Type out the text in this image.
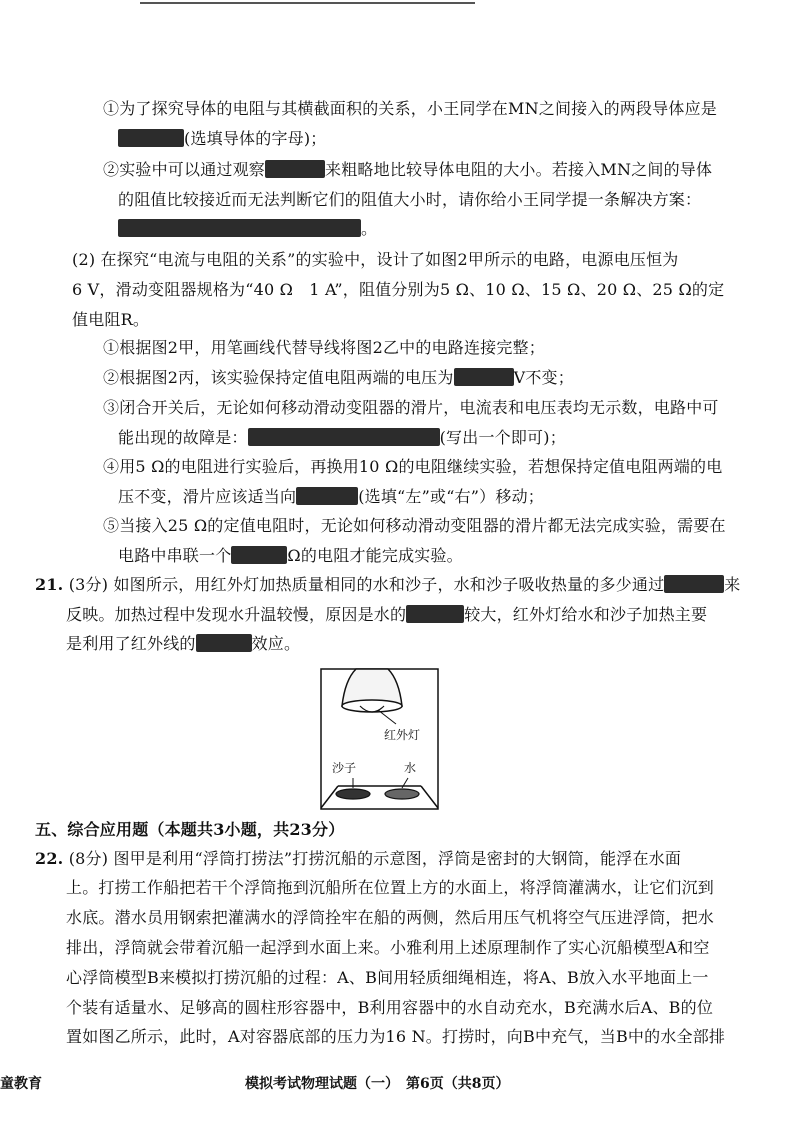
①为了探究导体的电阻与其横截面积的关系，小王同学在MN之间接入的两段导体应是
(选填导体的字母)；
②实验中可以通过观察	来粗略地比较导体电阻的大小。若接入MN之间的导体
的阻值比较接近而无法判断它们的阻值大小时，请你给小王同学提一条解决方案：
。
(2) 在探究“电流与电阻的关系”的实验中，设计了如图2甲所示的电路，电源电压恒为
6 V，滑动变阻器规格为“40 Ω　1 A”，阻值分别为5 Ω、10 Ω、15 Ω、20 Ω、25 Ω的定
值电阻R。
①根据图2甲，用笔画线代替导线将图2乙中的电路连接完整；
②根据图2丙，该实验保持定值电阻两端的电压为	V不变；
③闭合开关后，无论如何移动滑动变阻器的滑片，电流表和电压表均无示数，电路中可
能出现的故障是：	(写出一个即可)；
④用5 Ω的电阻进行实验后，再换用10 Ω的电阻继续实验，若想保持定值电阻两端的电
压不变，滑片应该适当向	(选填“左”或“右”）移动；
⑤当接入25 Ω的定值电阻时，无论如何移动滑动变阻器的滑片都无法完成实验，需要在
电路中串联一个	Ω的电阻才能完成实验。
21. (3分) 如图所示，用红外灯加热质量相同的水和沙子，水和沙子吸收热量的多少通过	来
反映。加热过程中发现水升温较慢，原因是水的	较大，红外灯给水和沙子加热主要
是利用了红外线的	效应。
红外灯
沙子	水
五、综合应用题（本题共3小题，共23分）
22. (8分) 图甲是利用“浮筒打捞法”打捞沉船的示意图，浮筒是密封的大钢筒，能浮在水面
上。打捞工作船把若干个浮筒拖到沉船所在位置上方的水面上，将浮筒灌满水，让它们沉到
水底。潜水员用钢索把灌满水的浮筒拴牢在船的两侧，然后用压气机将空气压进浮筒，把水
排出，浮筒就会带着沉船一起浮到水面上来。小雅利用上述原理制作了实心沉船模型A和空
心浮筒模型B来模拟打捞沉船的过程：A、B间用轻质细绳相连，将A、B放入水平地面上一
个装有适量水、足够高的圆柱形容器中，B利用容器中的水自动充水，B充满水后A、B的位
置如图乙所示，此时，A对容器底部的压力为16 N。打捞时，向B中充气，当B中的水全部排
童教育	模拟考试物理试题（一）　第6页（共8页）
